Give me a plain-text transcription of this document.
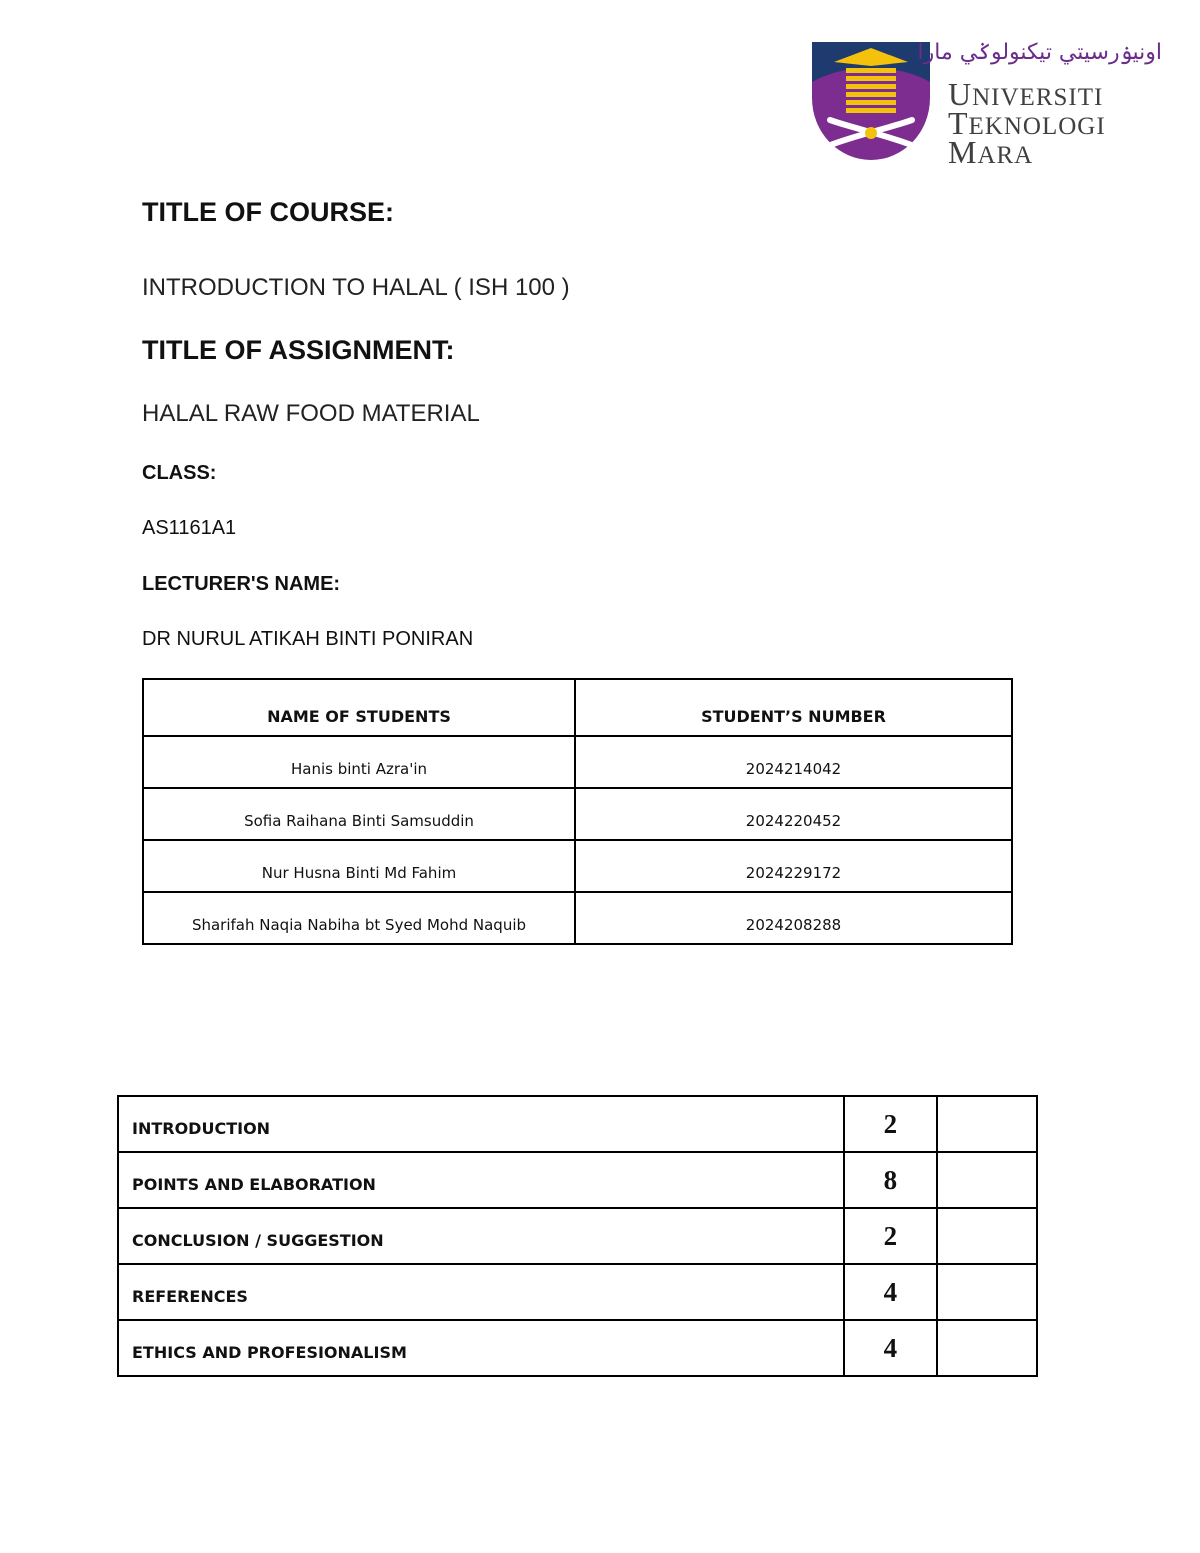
اونيۏرسيتي تيکنولوݢي مارا
UNIVERSITI
TEKNOLOGI
MARA

TITLE OF COURSE:

INTRODUCTION TO HALAL ( ISH 100 )

TITLE OF ASSIGNMENT:

HALAL RAW FOOD MATERIAL

CLASS:

AS1161A1

LECTURER'S NAME:

DR NURUL ATIKAH BINTI PONIRAN

NAME OF STUDENTS	STUDENT’S NUMBER
Hanis binti Azra'in	2024214042
Sofia Raihana Binti Samsuddin	2024220452
Nur Husna Binti Md Fahim	2024229172
Sharifah Naqia Nabiha bt Syed Mohd Naquib	2024208288
INTRODUCTION	2	
POINTS AND ELABORATION	8	
CONCLUSION / SUGGESTION	2	
REFERENCES	4	
ETHICS AND PROFESIONALISM	4	
